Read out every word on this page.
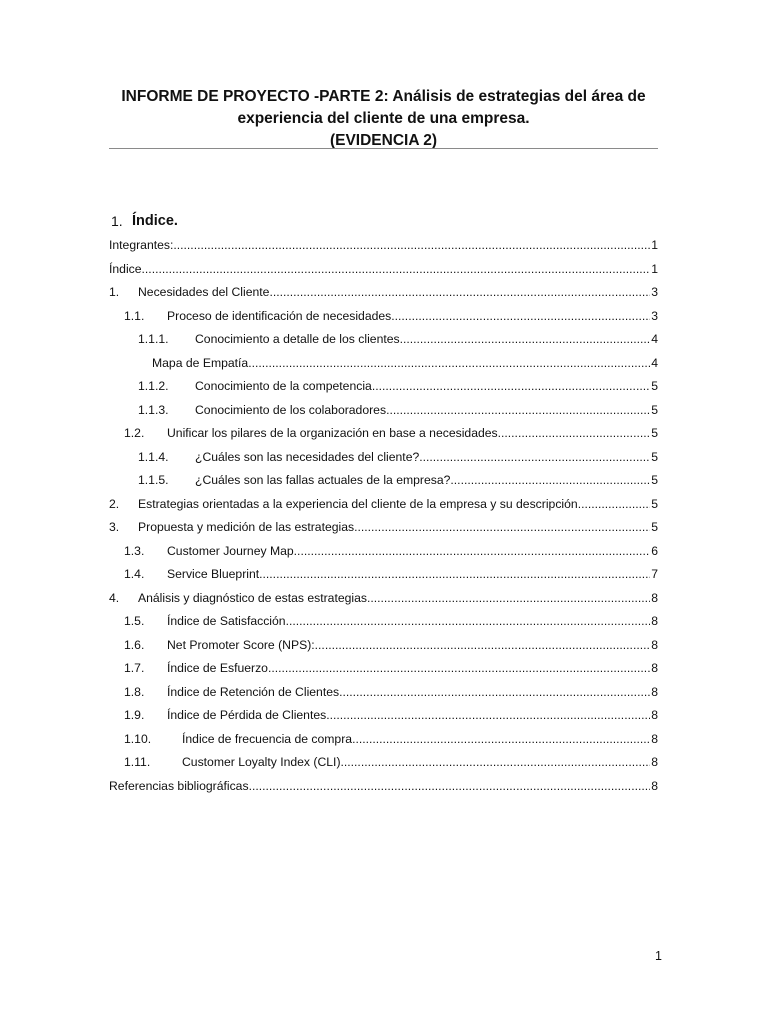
INFORME DE PROYECTO -PARTE 2: Análisis de estrategias del área de
experiencia del cliente de una empresa.
(EVIDENCIA 2)
1. Índice.
Integrantes: .....	1
Índice .....	1
1.	Necesidades del Cliente .....	3
1.1.	Proceso de identificación de necesidades .....	3
1.1.1.	Conocimiento a detalle de los clientes .....	4
Mapa de Empatía .....	4
1.1.2.	Conocimiento de la competencia .....	5
1.1.3.	Conocimiento de los colaboradores .....	5
1.2.	Unificar los pilares de la organización en base a necesidades .....	5
1.1.4.	¿Cuáles son las necesidades del cliente? .....	5
1.1.5.	¿Cuáles son las fallas actuales de la empresa? .....	5
2.	Estrategias orientadas a la experiencia del cliente de la empresa y su descripción .....	5
3.	Propuesta y medición de las estrategias .....	5
1.3.	Customer Journey Map .....	6
1.4.	Service Blueprint .....	7
4.	Análisis y diagnóstico de estas estrategias .....	8
1.5.	Índice de Satisfacción .....	8
1.6.	Net Promoter Score (NPS): .....	8
1.7.	Índice de Esfuerzo .....	8
1.8.	Índice de Retención de Clientes .....	8
1.9.	Índice de Pérdida de Clientes .....	8
1.10.	Índice de frecuencia de compra .....	8
1.11.	Customer Loyalty Index (CLI) .....	8
Referencias bibliográficas .....	8
1
